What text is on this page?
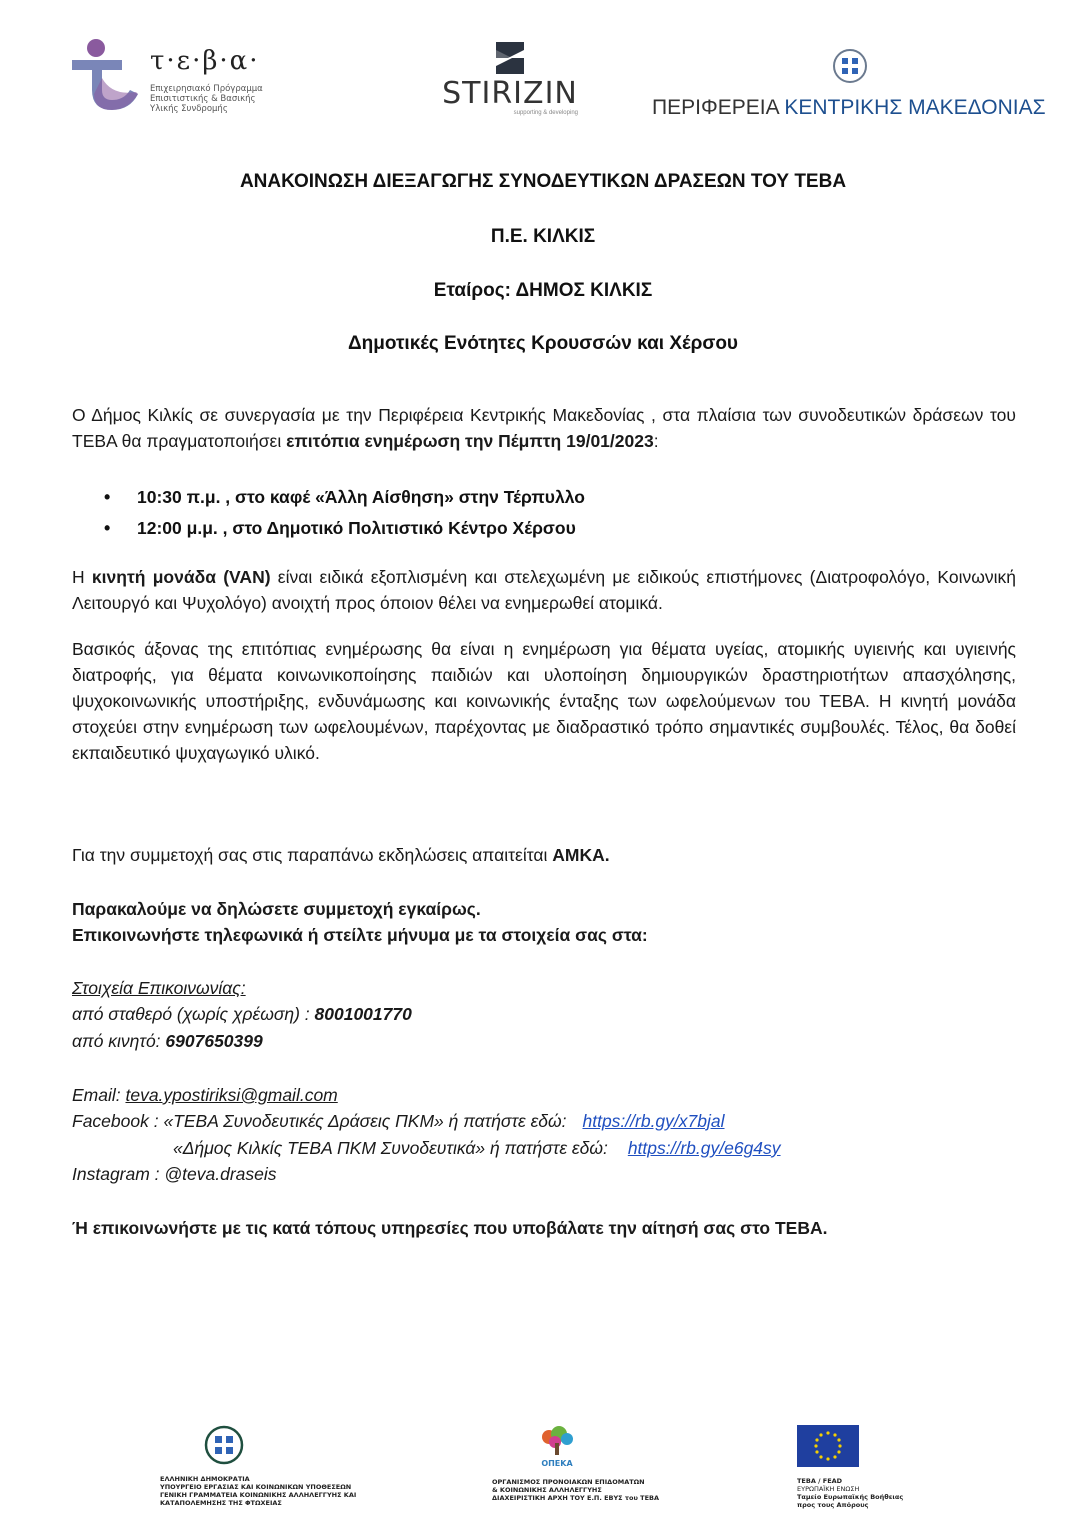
τ·ε·β·α·
Επιχειρησιακό Πρόγραμμα
Επισιτιστικής & Βασικής
Υλικής Συνδρομής	STIRIZIN
supporting & developing	ΠΕΡΙΦΕΡΕΙΑ ΚΕΝΤΡΙΚΗΣ ΜΑΚΕΔΟΝΙΑΣ
ΑΝΑΚΟΙΝΩΣΗ ΔΙΕΞΑΓΩΓΗΣ ΣΥΝΟΔΕΥΤΙΚΩΝ ΔΡΑΣΕΩΝ ΤΟΥ ΤΕΒΑ
Π.Ε. ΚΙΛΚΙΣ
Εταίρος: ΔΗΜΟΣ ΚΙΛΚΙΣ
Δημοτικές Ενότητες Κρουσσών και Χέρσου
Ο Δήμος Κιλκίς σε συνεργασία με την Περιφέρεια Κεντρικής Μακεδονίας , στα πλαίσια των συνοδευτικών δράσεων του ΤΕΒΑ θα πραγματοποιήσει επιτόπια ενημέρωση την Πέμπτη 19/01/2023:
• 10:30 π.μ. , στο καφέ «Άλλη Αίσθηση» στην Τέρπυλλο
• 12:00 μ.μ. , στο Δημοτικό Πολιτιστικό Κέντρο Χέρσου
Η κινητή μονάδα (VAN) είναι ειδικά εξοπλισμένη και στελεχωμένη με ειδικούς επιστήμονες (Διατροφολόγο, Κοινωνική Λειτουργό και Ψυχολόγο) ανοιχτή προς όποιον θέλει να ενημερωθεί ατομικά.
Βασικός άξονας της επιτόπιας ενημέρωσης θα είναι η ενημέρωση για θέματα υγείας, ατομικής υγιεινής και υγιεινής διατροφής, για θέματα κοινωνικοποίησης παιδιών και υλοποίηση δημιουργικών δραστηριοτήτων απασχόλησης, ψυχοκοινωνικής υποστήριξης, ενδυνάμωσης και κοινωνικής ένταξης των ωφελούμενων του ΤΕΒΑ. Η κινητή μονάδα στοχεύει στην ενημέρωση των ωφελουμένων, παρέχοντας με διαδραστικό τρόπο σημαντικές συμβουλές. Τέλος, θα δοθεί εκπαιδευτικό ψυχαγωγικό υλικό.
Για την συμμετοχή σας στις παραπάνω εκδηλώσεις απαιτείται ΑΜΚΑ.
Παρακαλούμε να δηλώσετε συμμετοχή εγκαίρως.
Επικοινωνήστε τηλεφωνικά ή στείλτε μήνυμα με τα στοιχεία σας στα:
Στοιχεία Επικοινωνίας:
από σταθερό (χωρίς χρέωση) : 8001001770
από κινητό: 6907650399
Email: teva.ypostiriksi@gmail.com
Facebook : «ΤΕΒΑ Συνοδευτικές Δράσεις ΠΚΜ» ή πατήστε εδώ: https://rb.gy/x7bjal
«Δήμος Κιλκίς ΤΕΒΑ ΠΚΜ Συνοδευτικά» ή πατήστε εδώ: https://rb.gy/e6g4sy
Instagram : @teva.draseis
Ή επικοινωνήστε με τις κατά τόπους υπηρεσίες που υποβάλατε την αίτησή σας στο ΤΕΒΑ.
ΕΛΛΗΝΙΚΗ ΔΗΜΟΚΡΑΤΙΑ
ΥΠΟΥΡΓΕΙΟ ΕΡΓΑΣΙΑΣ ΚΑΙ ΚΟΙΝΩΝΙΚΩΝ ΥΠΟΘΕΣΕΩΝ
ΓΕΝΙΚΗ ΓΡΑΜΜΑΤΕΙΑ ΚΟΙΝΩΝΙΚΗΣ ΑΛΛΗΛΕΓΓΥΗΣ ΚΑΙ
ΚΑΤΑΠΟΛΕΜΗΣΗΣ ΤΗΣ ΦΤΩΧΕΙΑΣ
ΟΠΕΚΑ
ΟΡΓΑΝΙΣΜΟΣ ΠΡΟΝΟΙΑΚΩΝ ΕΠΙΔΟΜΑΤΩΝ
& ΚΟΙΝΩΝΙΚΗΣ ΑΛΛΗΛΕΓΓΥΗΣ
ΔΙΑΧΕΙΡΙΣΤΙΚΗ ΑΡΧΗ ΤΟΥ Ε.Π. ΕΒΥΣ του ΤΕΒΑ
ΤΕΒΑ / FEAD
ΕΥΡΩΠΑΪΚΗ ΕΝΩΣΗ
Ταμείο Ευρωπαϊκής Βοήθειας
προς τους Απόρους
